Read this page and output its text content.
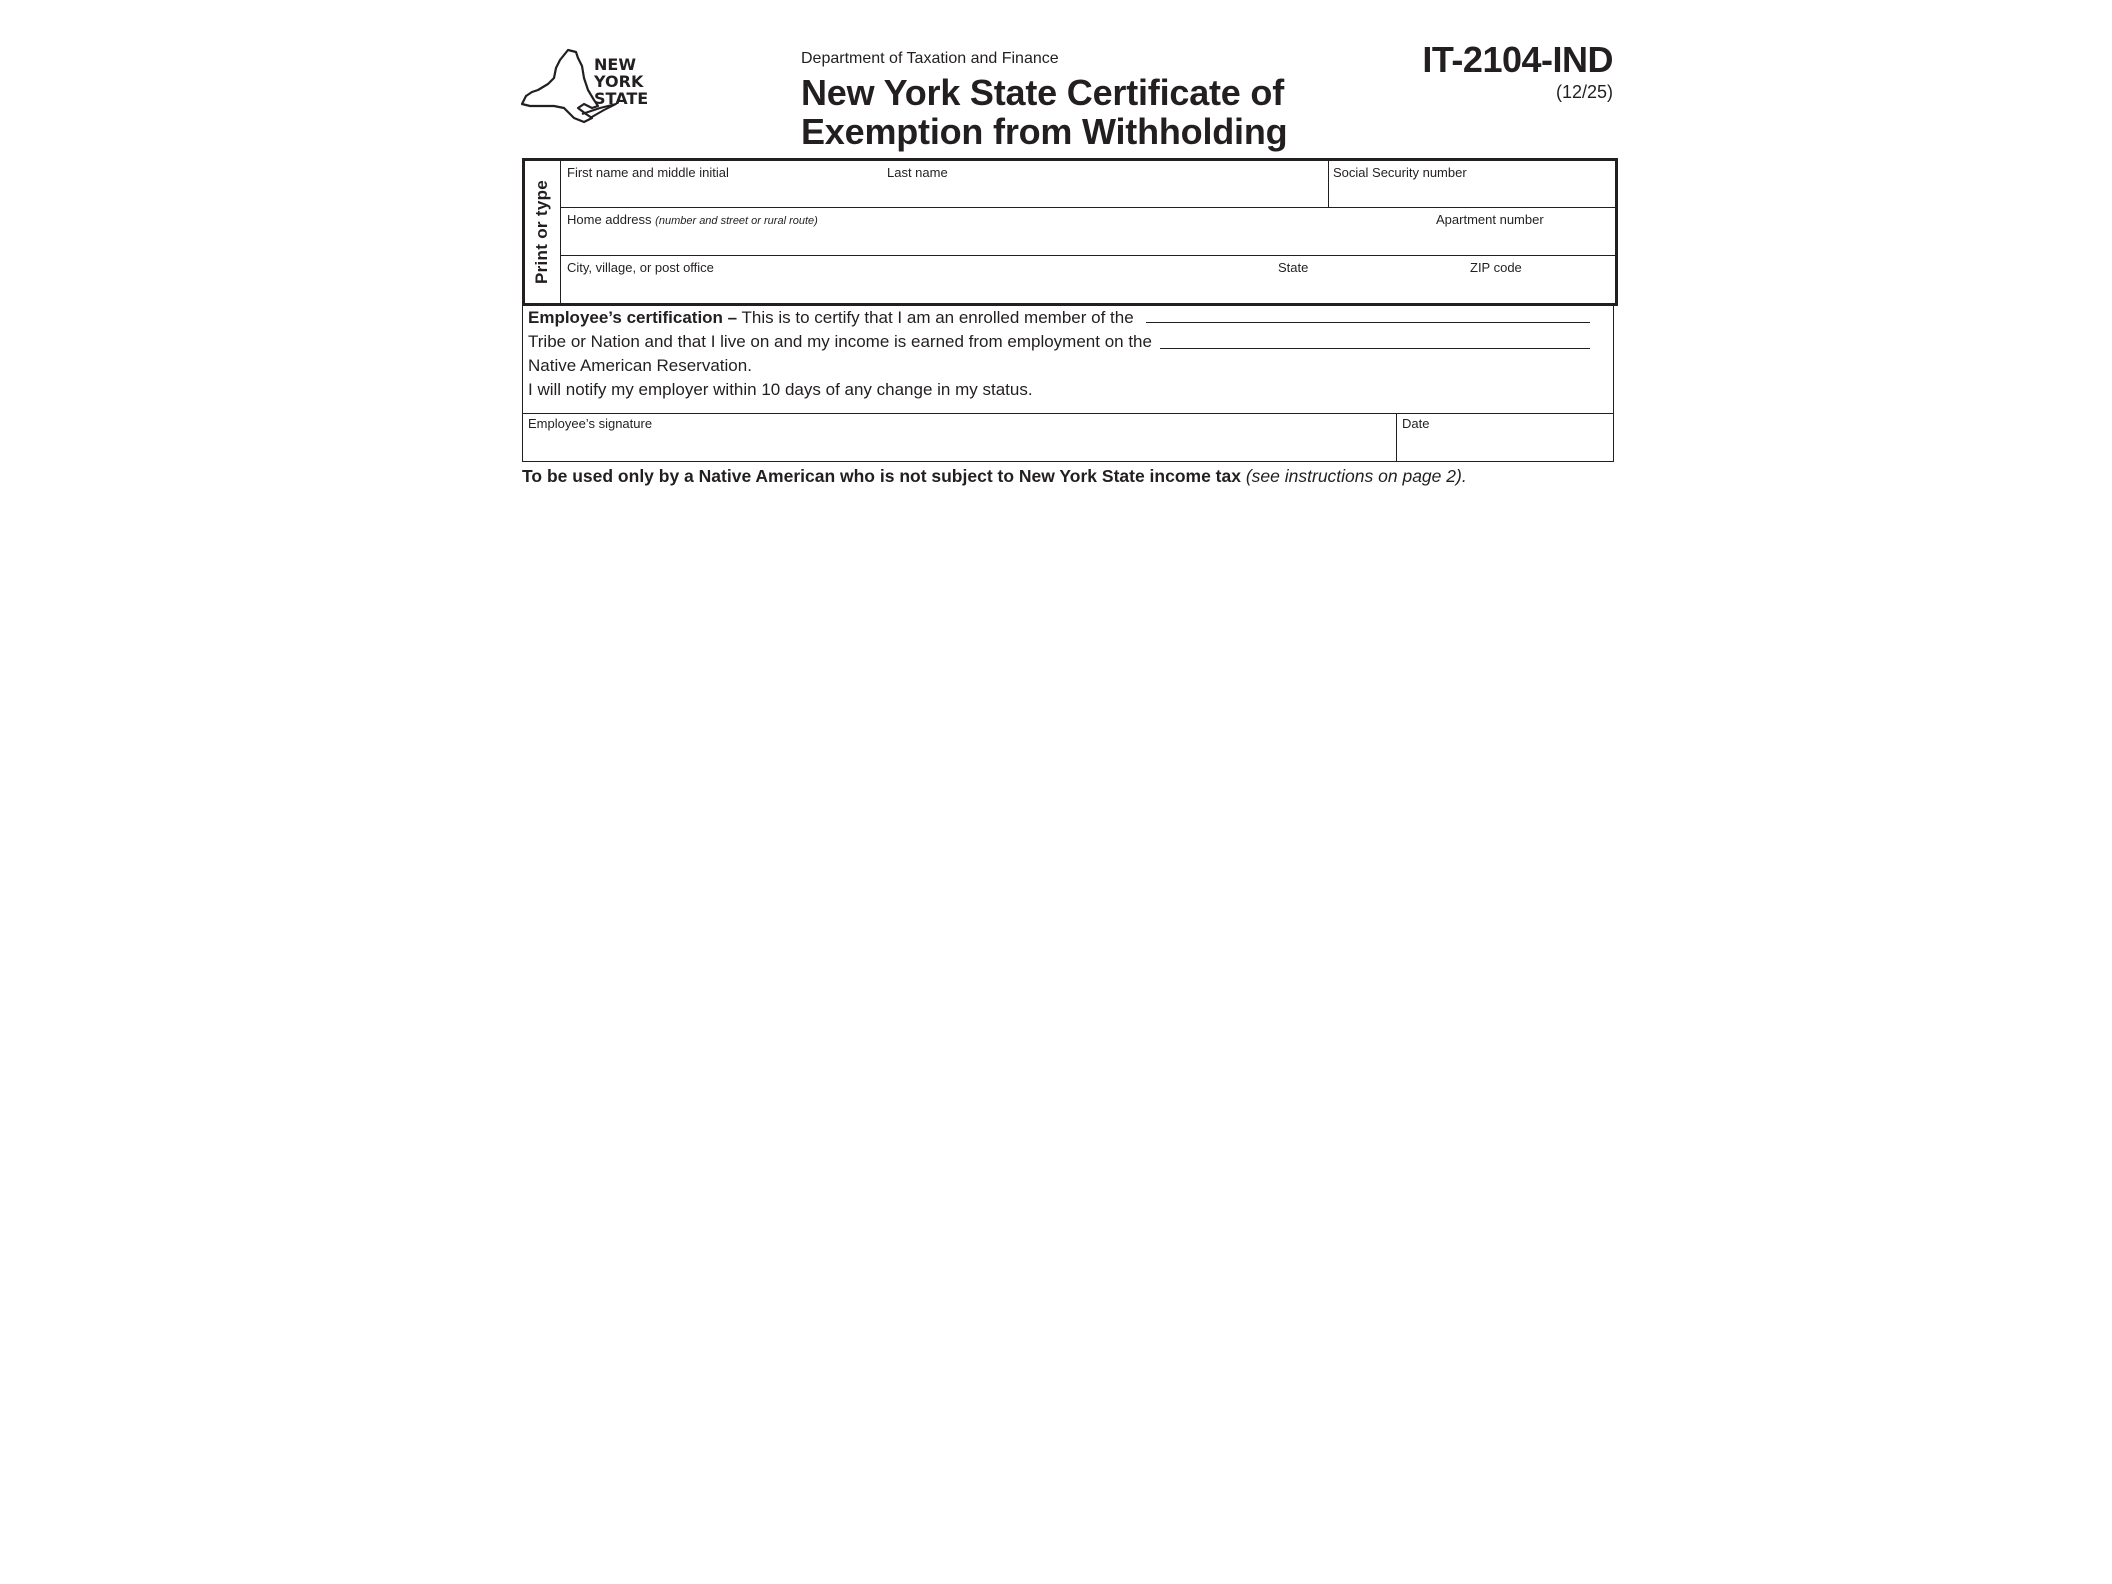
NEW
YORK
STATE
Department of Taxation and Finance
New York State Certificate of
Exemption from Withholding
IT-2104-IND
(12/25)
Print or type
First name and middle initial	Last name	Social Security number
Home address (number and street or rural route)	Apartment number
City, village, or post office	State	ZIP code
Employee’s certification – This is to certify that I am an enrolled member of the
Tribe or Nation and that I live on and my income is earned from employment on the
Native American Reservation.
I will notify my employer within 10 days of any change in my status.
Employee’s signature	Date
To be used only by a Native American who is not subject to New York State income tax (see instructions on page 2).
